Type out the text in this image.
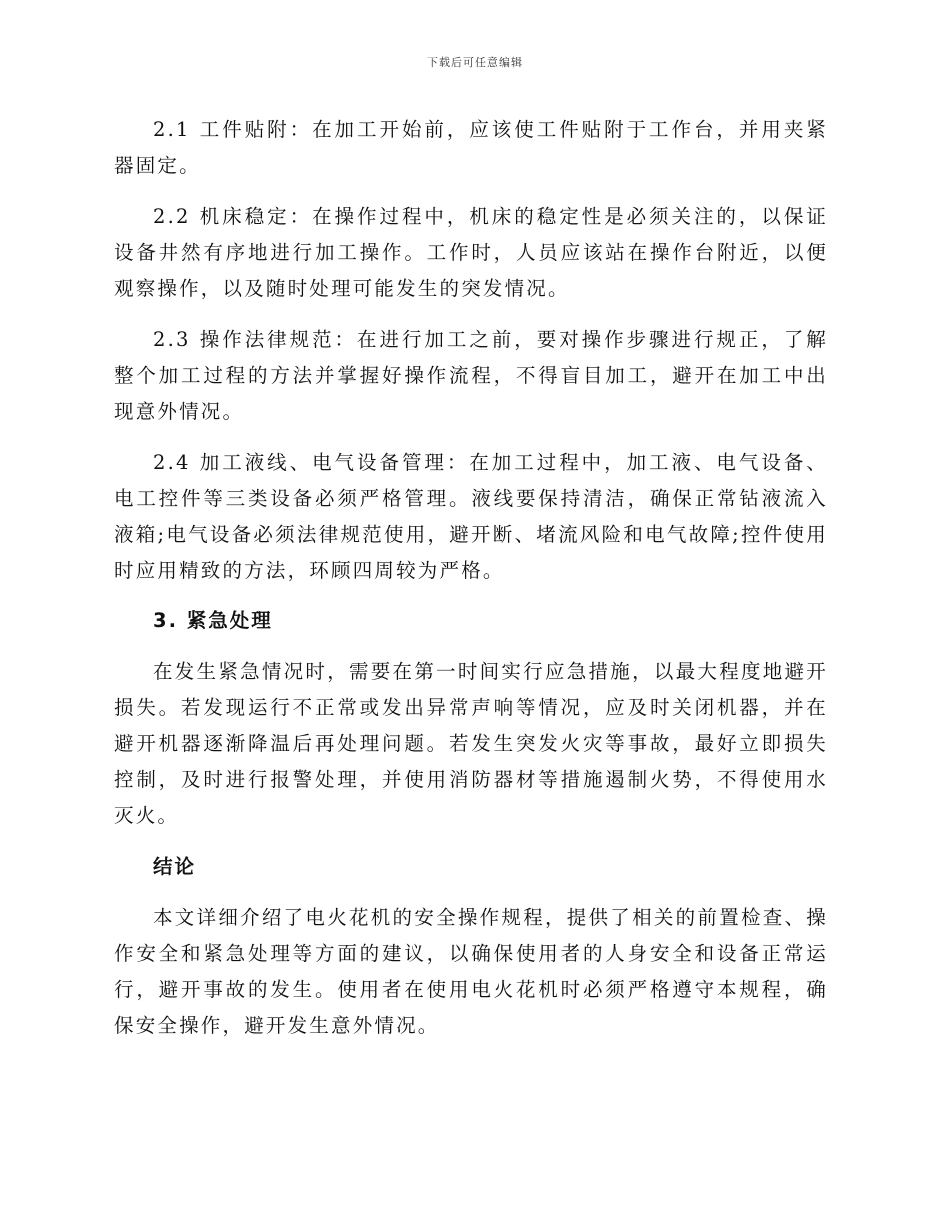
下载后可任意编辑

2.1 工件贴附：在加工开始前，应该使工件贴附于工作台，并用夹紧器固定。

2.2 机床稳定：在操作过程中，机床的稳定性是必须关注的，以保证设备井然有序地进行加工操作。工作时，人员应该站在操作台附近，以便观察操作，以及随时处理可能发生的突发情况。

2.3 操作法律规范：在进行加工之前，要对操作步骤进行规正，了解整个加工过程的方法并掌握好操作流程，不得盲目加工，避开在加工中出现意外情况。

2.4 加工液线、电气设备管理：在加工过程中，加工液、电气设备、电工控件等三类设备必须严格管理。液线要保持清洁，确保正常钻液流入液箱;电气设备必须法律规范使用，避开断、堵流风险和电气故障;控件使用时应用精致的方法，环顾四周较为严格。

3. 紧急处理

在发生紧急情况时，需要在第一时间实行应急措施，以最大程度地避开损失。若发现运行不正常或发出异常声响等情况，应及时关闭机器，并在避开机器逐渐降温后再处理问题。若发生突发火灾等事故，最好立即损失控制，及时进行报警处理，并使用消防器材等措施遏制火势，不得使用水灭火。

结论

本文详细介绍了电火花机的安全操作规程，提供了相关的前置检查、操作安全和紧急处理等方面的建议，以确保使用者的人身安全和设备正常运行，避开事故的发生。使用者在使用电火花机时必须严格遵守本规程，确保安全操作，避开发生意外情况。
